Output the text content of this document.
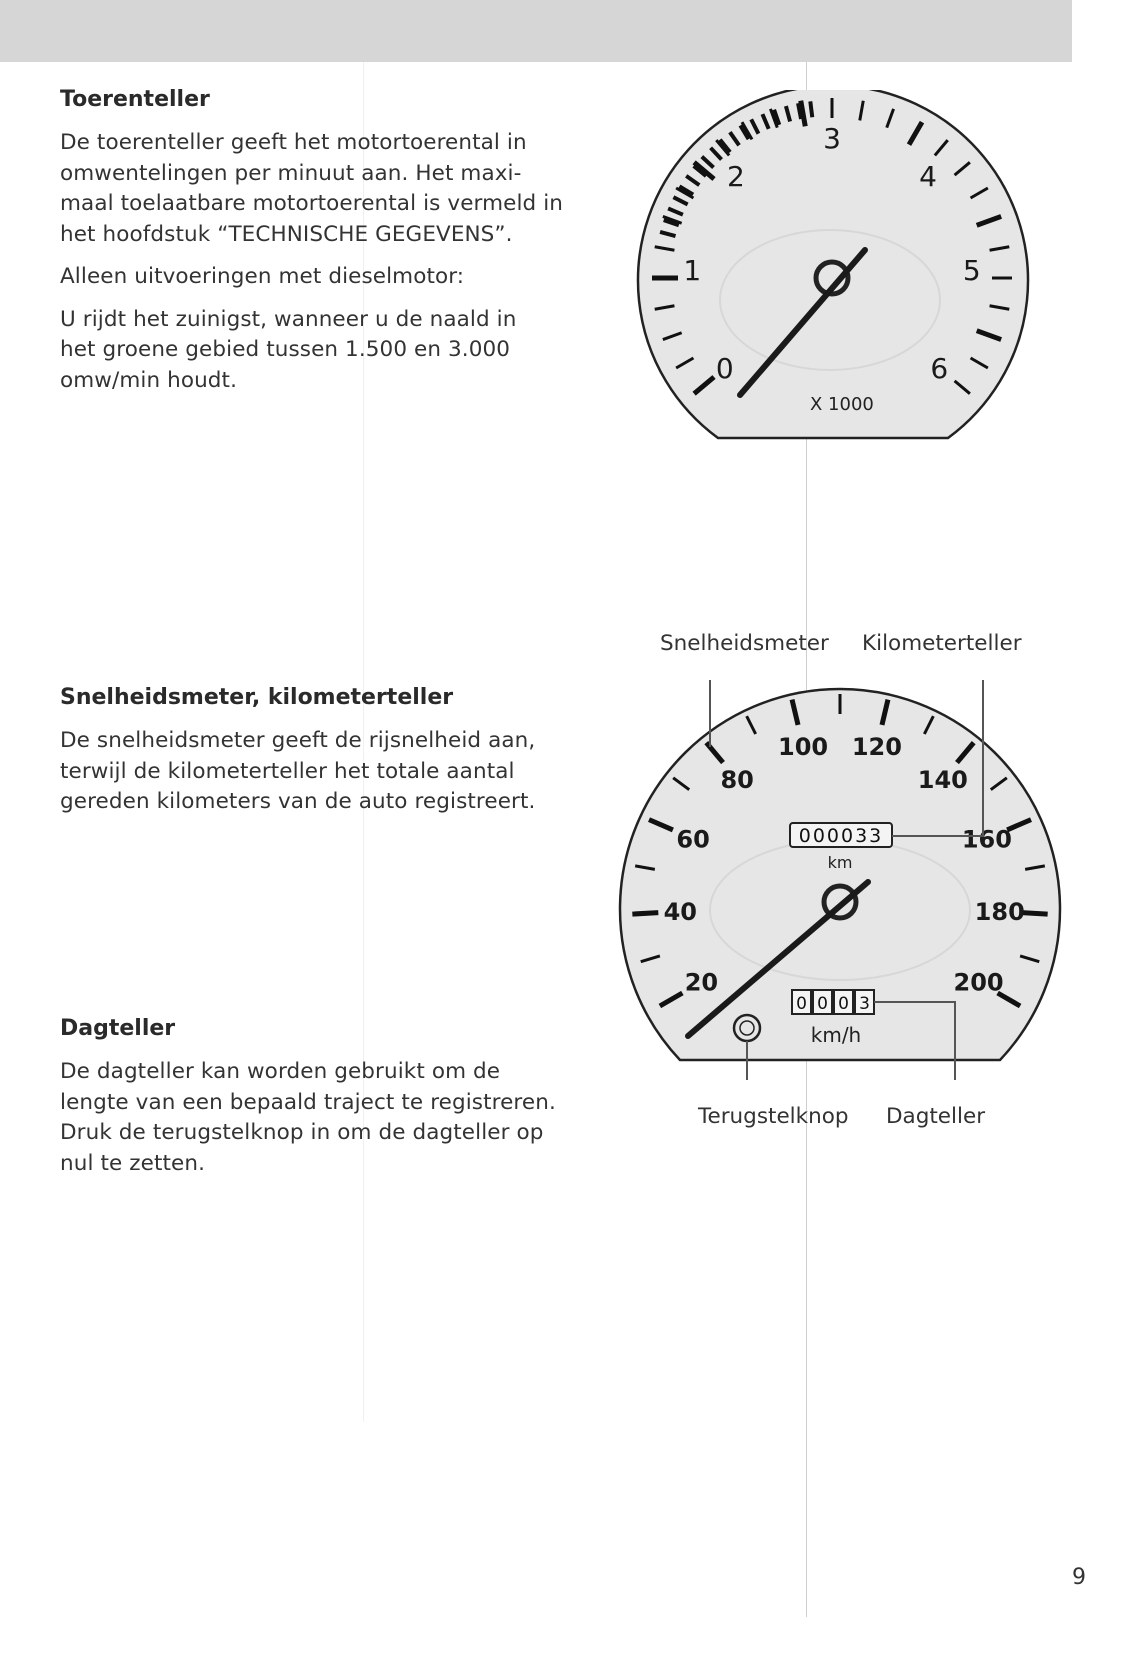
Toerenteller

De toerenteller geeft het motortoerental in
omwentelingen per minuut aan. Het maxi-
maal toelaatbare motortoerental is vermeld in
het hoofdstuk “TECHNISCHE GEGEVENS”.

Alleen uitvoeringen met dieselmotor:

U rijdt het zuinigst, wanneer u de naald in
het groene gebied tussen 1.500 en 3.000
omw/min houdt.

Snelheidsmeter, kilometerteller

De snelheidsmeter geeft de rijsnelheid aan,
terwijl de kilometerteller het totale aantal
gereden kilometers van de auto registreert.

Dagteller

De dagteller kan worden gebruikt om de
lengte van een bepaald traject te registreren.
Druk de terugstelknop in om de dagteller op
nul te zetten.

0
1
2
3
4
5
6
X 1000
20
40
60
80
100 120
140
160
180
200
000033
km
0 0 0 3
km/h
Snelheidsmeter Kilometerteller
Terugstelknop Dagteller
9
